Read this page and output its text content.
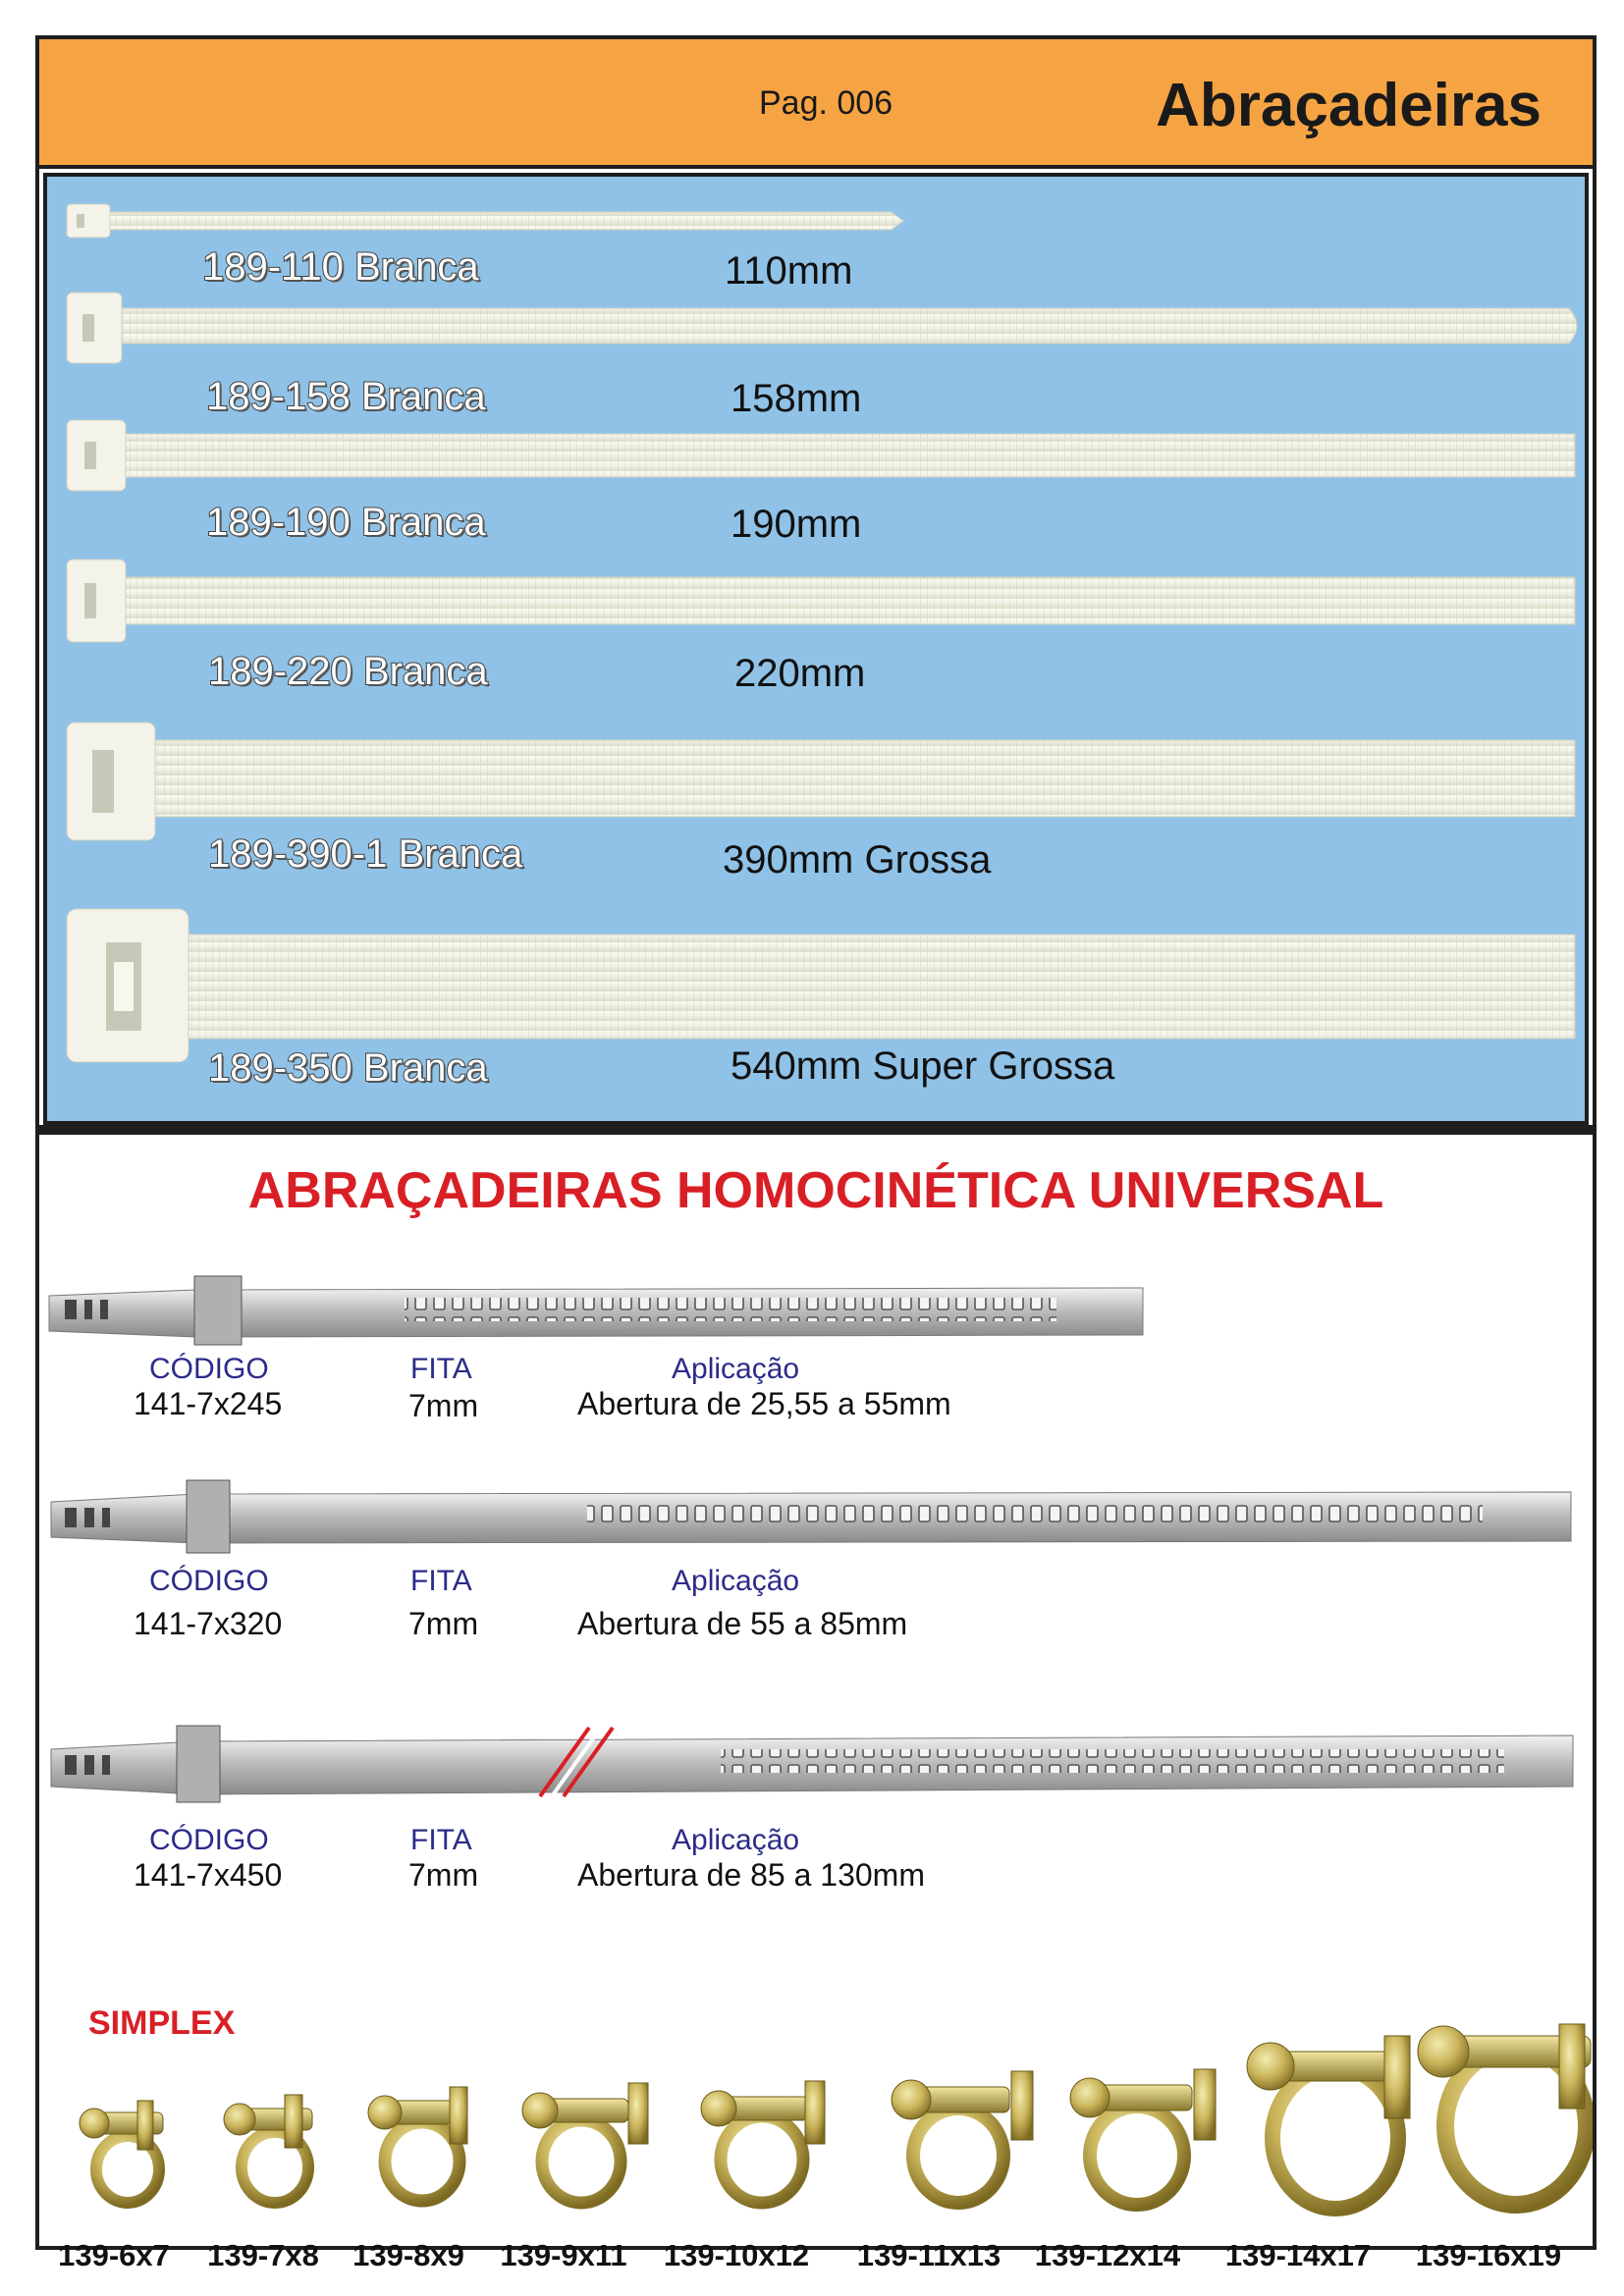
Pag. 006	Abraçadeiras
189-110 Branca	110mm
189-158 Branca	158mm
189-190 Branca	190mm
189-220 Branca	220mm
189-390-1 Branca	390mm Grossa
189-350 Branca	540mm Super Grossa
ABRAÇADEIRAS HOMOCINÉTICA UNIVERSAL
CÓDIGO	FITA	Aplicação
141-7x245	7mm	Abertura de 25,55 a 55mm
CÓDIGO	FITA	Aplicação
141-7x320	7mm	Abertura de 55 a 85mm
CÓDIGO	FITA	Aplicação
141-7x450	7mm	Abertura de 85 a 130mm
SIMPLEX
139-6x7 139-7x8 139-8x9 139-9x11 139-10x12 139-11x13 139-12x14 139-14x17 139-16x19
